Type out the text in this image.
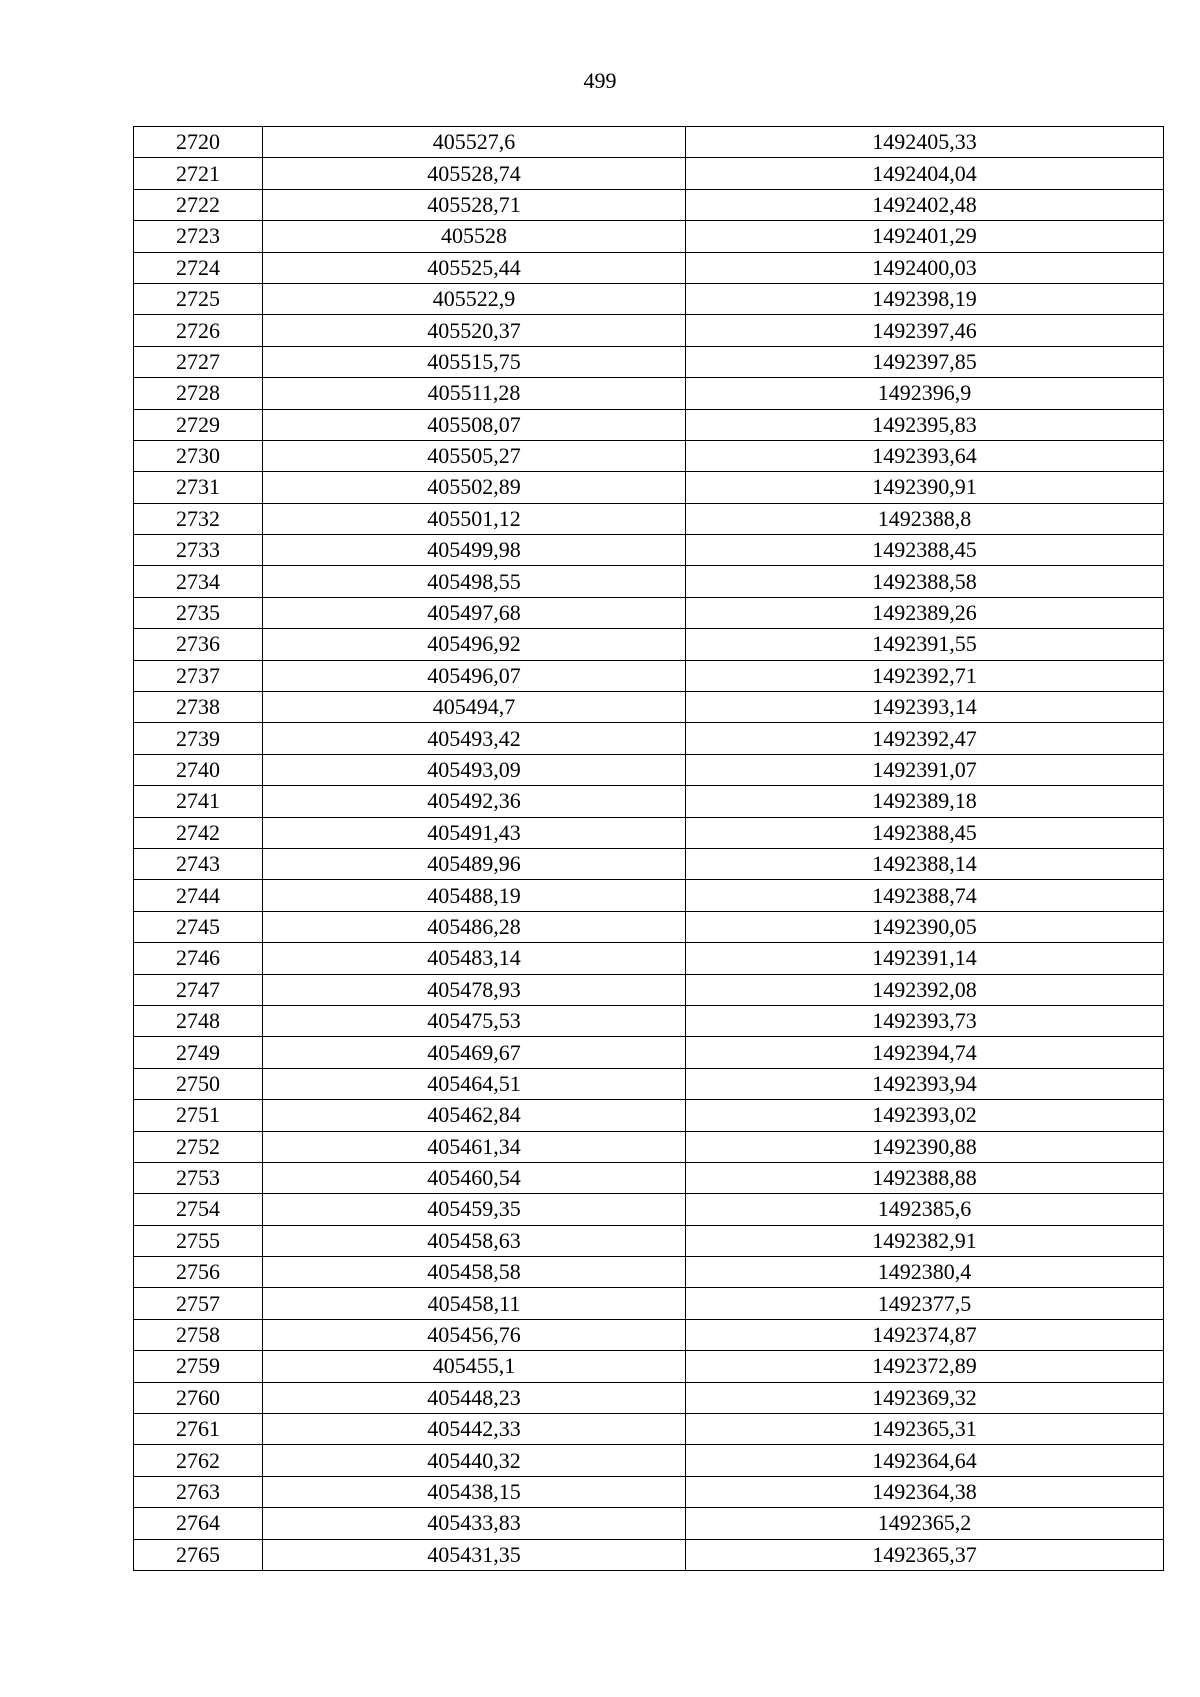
499
2720	405527,6	1492405,33
2721	405528,74	1492404,04
2722	405528,71	1492402,48
2723	405528	1492401,29
2724	405525,44	1492400,03
2725	405522,9	1492398,19
2726	405520,37	1492397,46
2727	405515,75	1492397,85
2728	405511,28	1492396,9
2729	405508,07	1492395,83
2730	405505,27	1492393,64
2731	405502,89	1492390,91
2732	405501,12	1492388,8
2733	405499,98	1492388,45
2734	405498,55	1492388,58
2735	405497,68	1492389,26
2736	405496,92	1492391,55
2737	405496,07	1492392,71
2738	405494,7	1492393,14
2739	405493,42	1492392,47
2740	405493,09	1492391,07
2741	405492,36	1492389,18
2742	405491,43	1492388,45
2743	405489,96	1492388,14
2744	405488,19	1492388,74
2745	405486,28	1492390,05
2746	405483,14	1492391,14
2747	405478,93	1492392,08
2748	405475,53	1492393,73
2749	405469,67	1492394,74
2750	405464,51	1492393,94
2751	405462,84	1492393,02
2752	405461,34	1492390,88
2753	405460,54	1492388,88
2754	405459,35	1492385,6
2755	405458,63	1492382,91
2756	405458,58	1492380,4
2757	405458,11	1492377,5
2758	405456,76	1492374,87
2759	405455,1	1492372,89
2760	405448,23	1492369,32
2761	405442,33	1492365,31
2762	405440,32	1492364,64
2763	405438,15	1492364,38
2764	405433,83	1492365,2
2765	405431,35	1492365,37
